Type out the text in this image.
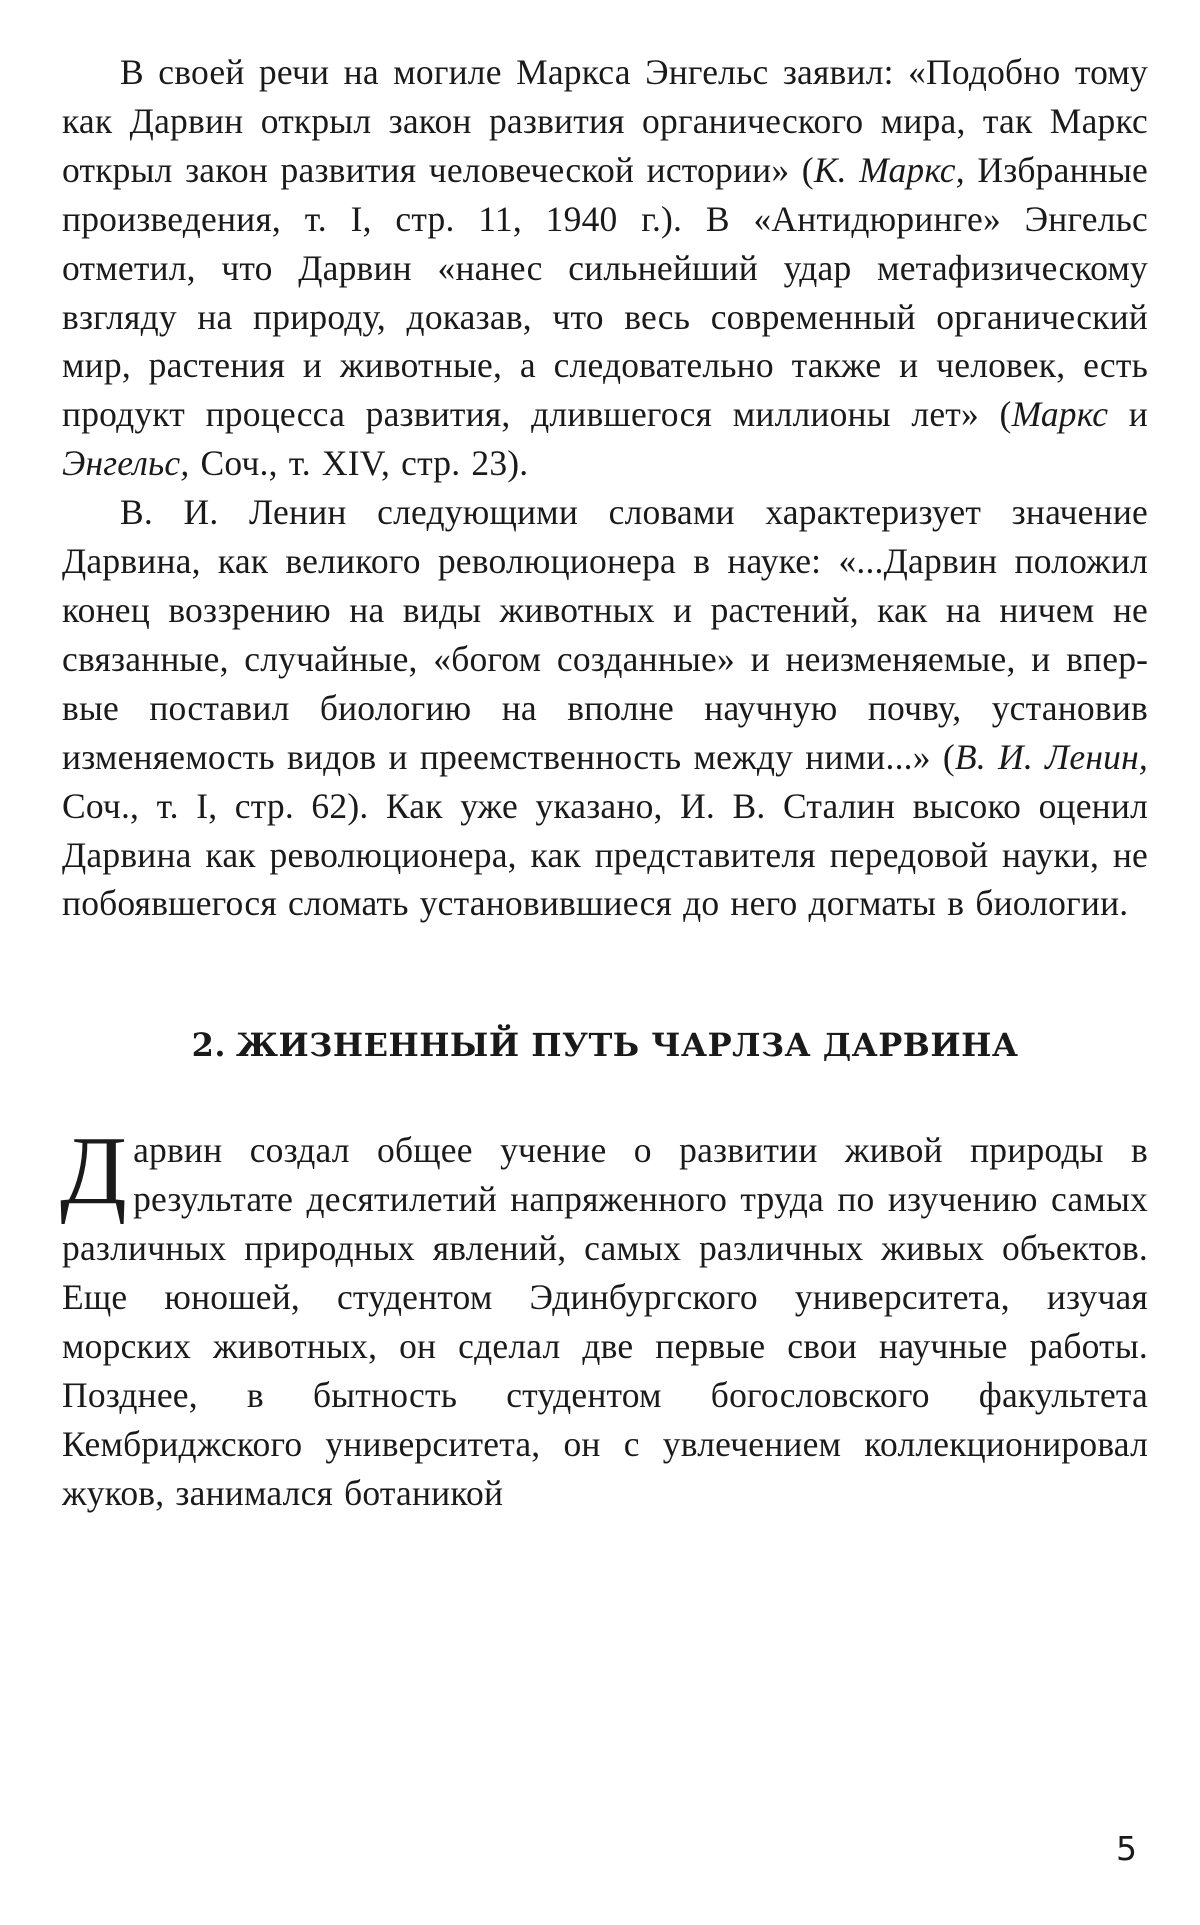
В своей речи на могиле Маркса Энгельс заявил: «Подобно тому как Дарвин открыл закон развития органического мира, так Маркс открыл закон развития человеческой истории» (К. Маркс, Избранные произведения, т. I, стр. 11, 1940 г.). В «Антидюринге» Энгельс отметил, что Дарвин «нанес сильнейший удар метафизическому взгляду на природу, доказав, что весь современный органический мир, растения и животные, а следовательно также и человек, есть продукт процесса развития, длившегося миллионы лет» (Маркс и Энгельс, Соч., т. XIV, стр. 23).

В. И. Ленин следующими словами характеризует значение Дарвина, как великого революционера в науке: «...Дарвин положил конец воззрению на виды животных и растений, как на ничем не связанные, случайные, «богом созданные» и неизменяемые, и впервые поставил биологию на вполне научную почву, установив изменяемость видов и преемственность между ними...» (В. И. Ленин, Соч., т. I, стр. 62). Как уже указано, И. В. Сталин высоко оценил Дарвина как революционера, как представителя передовой науки, не побоявшегося сломать установившиеся до него догматы в биологии.

2. ЖИЗНЕННЫЙ ПУТЬ ЧАРЛЗА ДАРВИНА

Дарвин создал общее учение о развитии живой природы в результате десятилетий напряженного труда по изучению самых различных природных явлений, самых различных живых объектов. Еще юношей, студентом Эдинбургского университета, изучая морских животных, он сделал две первые свои научные работы. Позднее, в бытность студентом богословского факультета Кембриджского университета, он с увлечением коллекционировал жуков, занимался ботаникой

5
